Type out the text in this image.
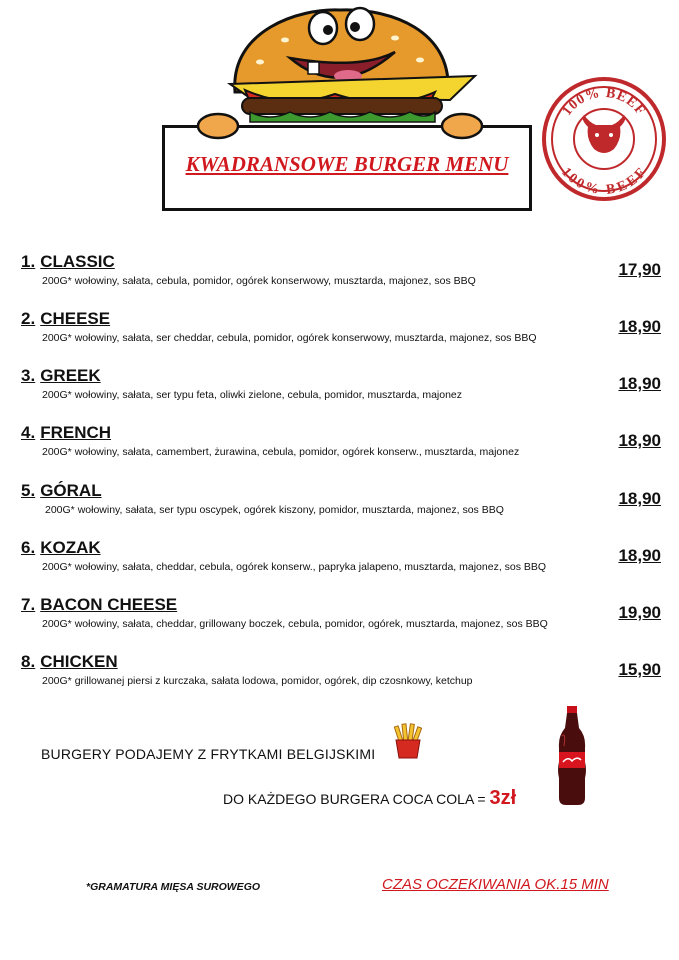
KWADRANSOWE BURGER MENU
100% BEEF
100% BEEF
1. CLASSIC
200G* wołowiny, sałata, cebula, pomidor, ogórek konserwowy, musztarda, majonez, sos BBQ
17,90
2. CHEESE
200G* wołowiny, sałata, ser cheddar, cebula, pomidor, ogórek konserwowy, musztarda, majonez, sos BBQ
18,90
3. GREEK
200G* wołowiny, sałata, ser typu feta, oliwki zielone, cebula, pomidor, musztarda, majonez
18,90
4. FRENCH
200G* wołowiny, sałata, camembert, żurawina, cebula, pomidor, ogórek konserw., musztarda, majonez
18,90
5. GÓRAL
200G* wołowiny, sałata, ser typu oscypek, ogórek kiszony, pomidor, musztarda, majonez, sos BBQ
18,90
6. KOZAK
200G* wołowiny, sałata, cheddar, cebula, ogórek konserw., papryka jalapeno, musztarda, majonez, sos BBQ
18,90
7. BACON CHEESE
200G* wołowiny, sałata, cheddar, grillowany boczek, cebula, pomidor, ogórek, musztarda, majonez, sos BBQ
19,90
8. CHICKEN
200G* grillowanej piersi z kurczaka, sałata lodowa, pomidor, ogórek, dip czosnkowy, ketchup
15,90
BURGERY PODAJEMY Z FRYTKAMI BELGIJSKIMI
DO KAŻDEGO BURGERA COCA COLA = 3zł
*GRAMATURA MIĘSA SUROWEGO	CZAS OCZEKIWANIA OK.15 MIN
